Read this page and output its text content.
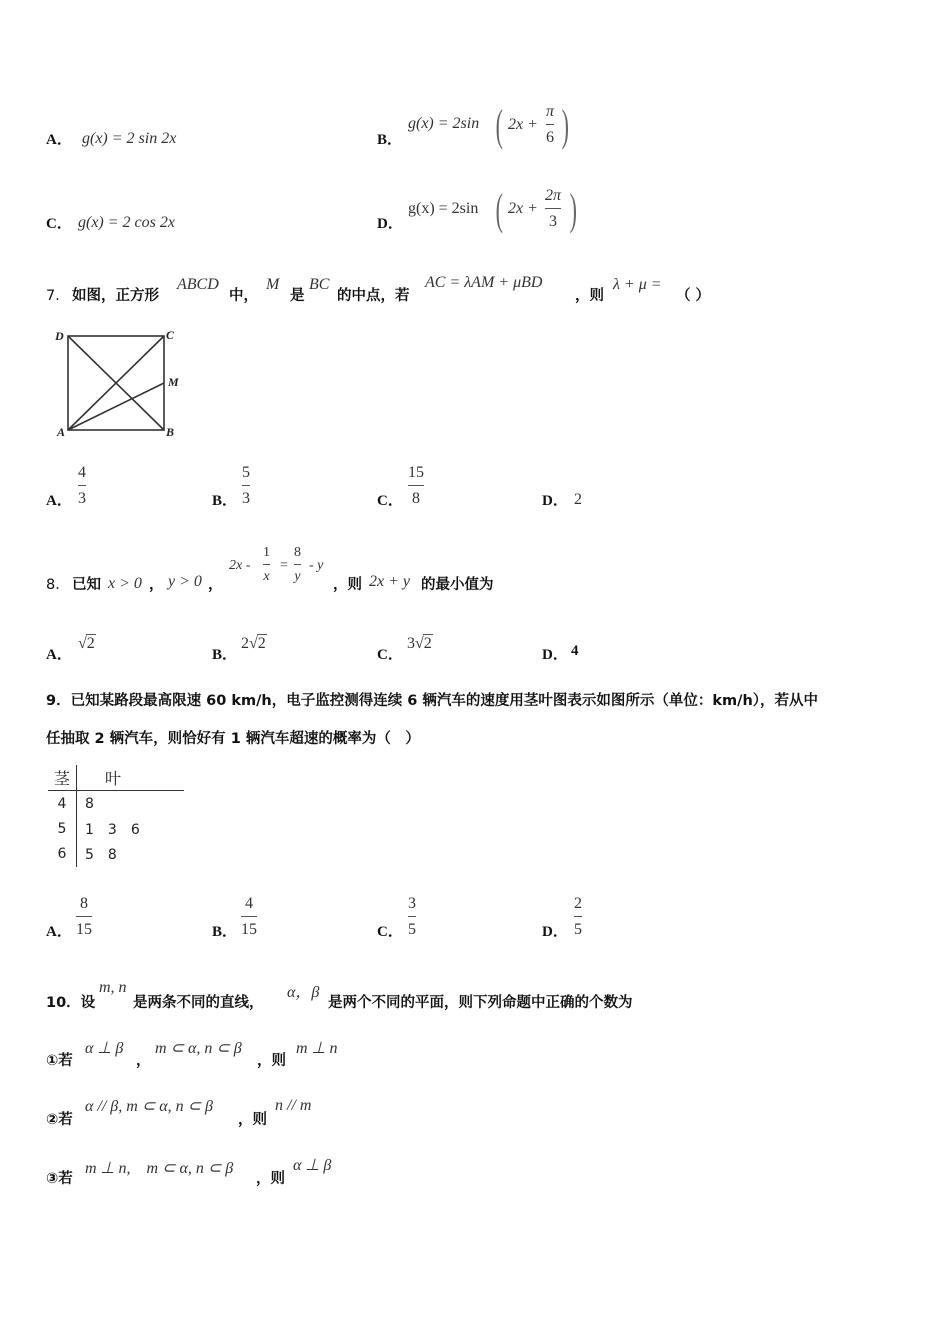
A． g(x) = 2 sin 2x	B．
g(x) = 2sin ( 2x +
π
6 )
C． g(x) = 2 cos 2x	D．
g(x) = 2sin ( 2x +
2π
3 )
7． 如图，正方形
ABCD
中，
M
是
BC
的中点，若
AC = λAM + μBD
，则
λ + μ =
（ ）
D	C
M
A	B
A．
4
3	B．
5
3	C．
15
8	D． 2
8． 已知 x > 0 ， y > 0 ，
2x -
1
x
=
8
y
- y
，则 2x + y 的最小值为
A．
√2
B．
2√2
C．
3√2
D． 4
9．已知某路段最高限速 60 km/h，电子监控测得连续 6 辆汽车的速度用茎叶图表示如图所示（单位：km/h），若从中
任抽取 2 辆汽车，则恰好有 1 辆汽车超速的概率为（　）
茎	叶
4	8
5	1　3　6
6	5　8
A．
8
15	B．
4
15	C．
3
5	D．
2
5
10．设
m, n
是两条不同的直线，
α，β
是两个不同的平面，则下列命题中正确的个数为
①若
α ⊥ β
，
m ⊂ α, n ⊂ β
，则
m ⊥ n
②若
α // β, m ⊂ α, n ⊂ β
，则
n // m
③若
m ⊥ n,　m ⊂ α, n ⊂ β
，则
α ⊥ β
